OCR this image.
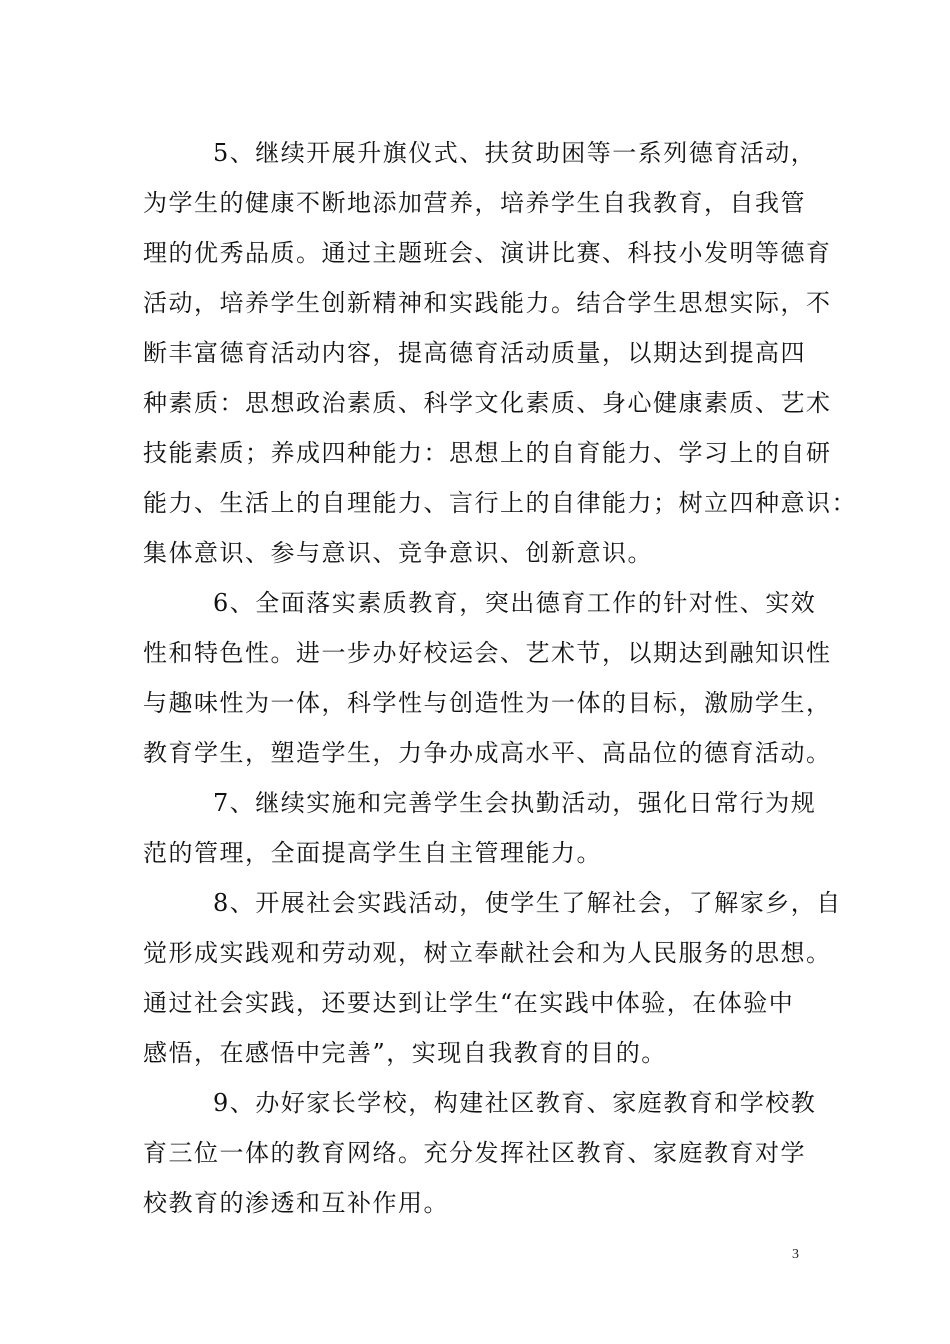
5、继续开展升旗仪式、扶贫助困等一系列德育活动，
为学生的健康不断地添加营养，培养学生自我教育，自我管
理的优秀品质。通过主题班会、演讲比赛、科技小发明等德育
活动，培养学生创新精神和实践能力。结合学生思想实际，不
断丰富德育活动内容，提高德育活动质量，以期达到提高四
种素质：思想政治素质、科学文化素质、身心健康素质、艺术
技能素质；养成四种能力：思想上的自育能力、学习上的自研
能力、生活上的自理能力、言行上的自律能力；树立四种意识：
集体意识、参与意识、竞争意识、创新意识。
6、全面落实素质教育，突出德育工作的针对性、实效
性和特色性。进一步办好校运会、艺术节，以期达到融知识性
与趣味性为一体，科学性与创造性为一体的目标，激励学生，
教育学生，塑造学生，力争办成高水平、高品位的德育活动。
7、继续实施和完善学生会执勤活动，强化日常行为规
范的管理，全面提高学生自主管理能力。
8、开展社会实践活动，使学生了解社会，了解家乡，自
觉形成实践观和劳动观，树立奉献社会和为人民服务的思想。
通过社会实践，还要达到让学生“在实践中体验，在体验中
感悟，在感悟中完善”，实现自我教育的目的。
9、办好家长学校，构建社区教育、家庭教育和学校教
育三位一体的教育网络。充分发挥社区教育、家庭教育对学
校教育的渗透和互补作用。
3
